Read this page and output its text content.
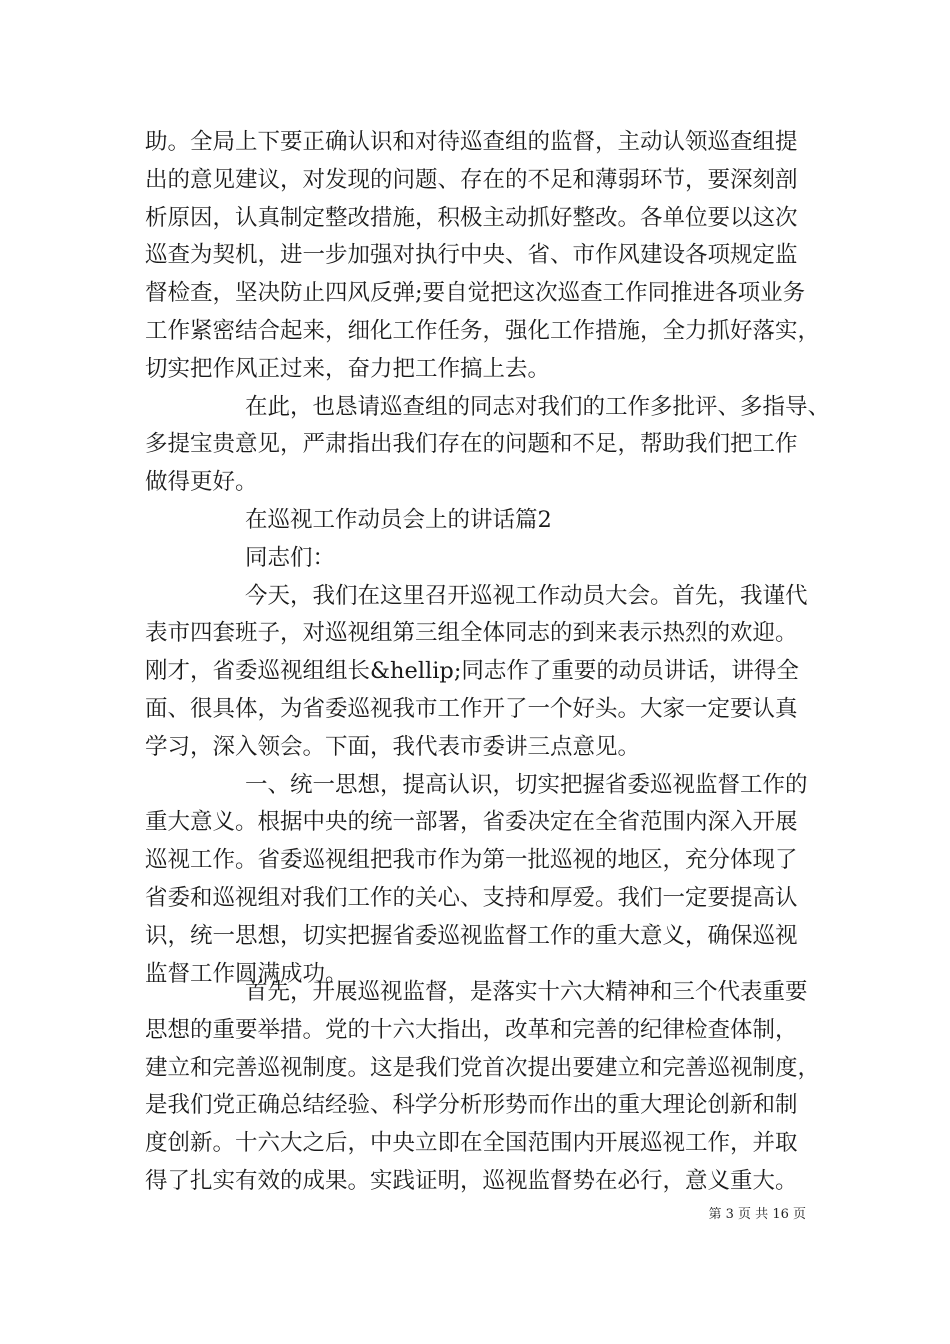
助。全局上下要正确认识和对待巡查组的监督，主动认领巡查组提
出的意见建议，对发现的问题、存在的不足和薄弱环节，要深刻剖
析原因，认真制定整改措施，积极主动抓好整改。各单位要以这次
巡查为契机，进一步加强对执行中央、省、市作风建设各项规定监
督检查，坚决防止四风反弹;要自觉把这次巡查工作同推进各项业务
工作紧密结合起来，细化工作任务，强化工作措施，全力抓好落实，
切实把作风正过来，奋力把工作搞上去。
在此，也恳请巡查组的同志对我们的工作多批评、多指导、
多提宝贵意见，严肃指出我们存在的问题和不足，帮助我们把工作
做得更好。
在巡视工作动员会上的讲话篇2
同志们：
今天，我们在这里召开巡视工作动员大会。首先，我谨代
表市四套班子，对巡视组第三组全体同志的到来表示热烈的欢迎。
刚才，省委巡视组组长&hellip;同志作了重要的动员讲话，讲得全
面、很具体，为省委巡视我市工作开了一个好头。大家一定要认真
学习，深入领会。下面，我代表市委讲三点意见。
一、统一思想，提高认识，切实把握省委巡视监督工作的
重大意义。根据中央的统一部署，省委决定在全省范围内深入开展
巡视工作。省委巡视组把我市作为第一批巡视的地区，充分体现了
省委和巡视组对我们工作的关心、支持和厚爱。我们一定要提高认
识，统一思想，切实把握省委巡视监督工作的重大意义，确保巡视
监督工作圆满成功。
首先，开展巡视监督，是落实十六大精神和三个代表重要
思想的重要举措。党的十六大指出，改革和完善的纪律检查体制，
建立和完善巡视制度。这是我们党首次提出要建立和完善巡视制度，
是我们党正确总结经验、科学分析形势而作出的重大理论创新和制
度创新。十六大之后，中央立即在全国范围内开展巡视工作，并取
得了扎实有效的成果。实践证明，巡视监督势在必行，意义重大。
第 3 页 共 16 页
